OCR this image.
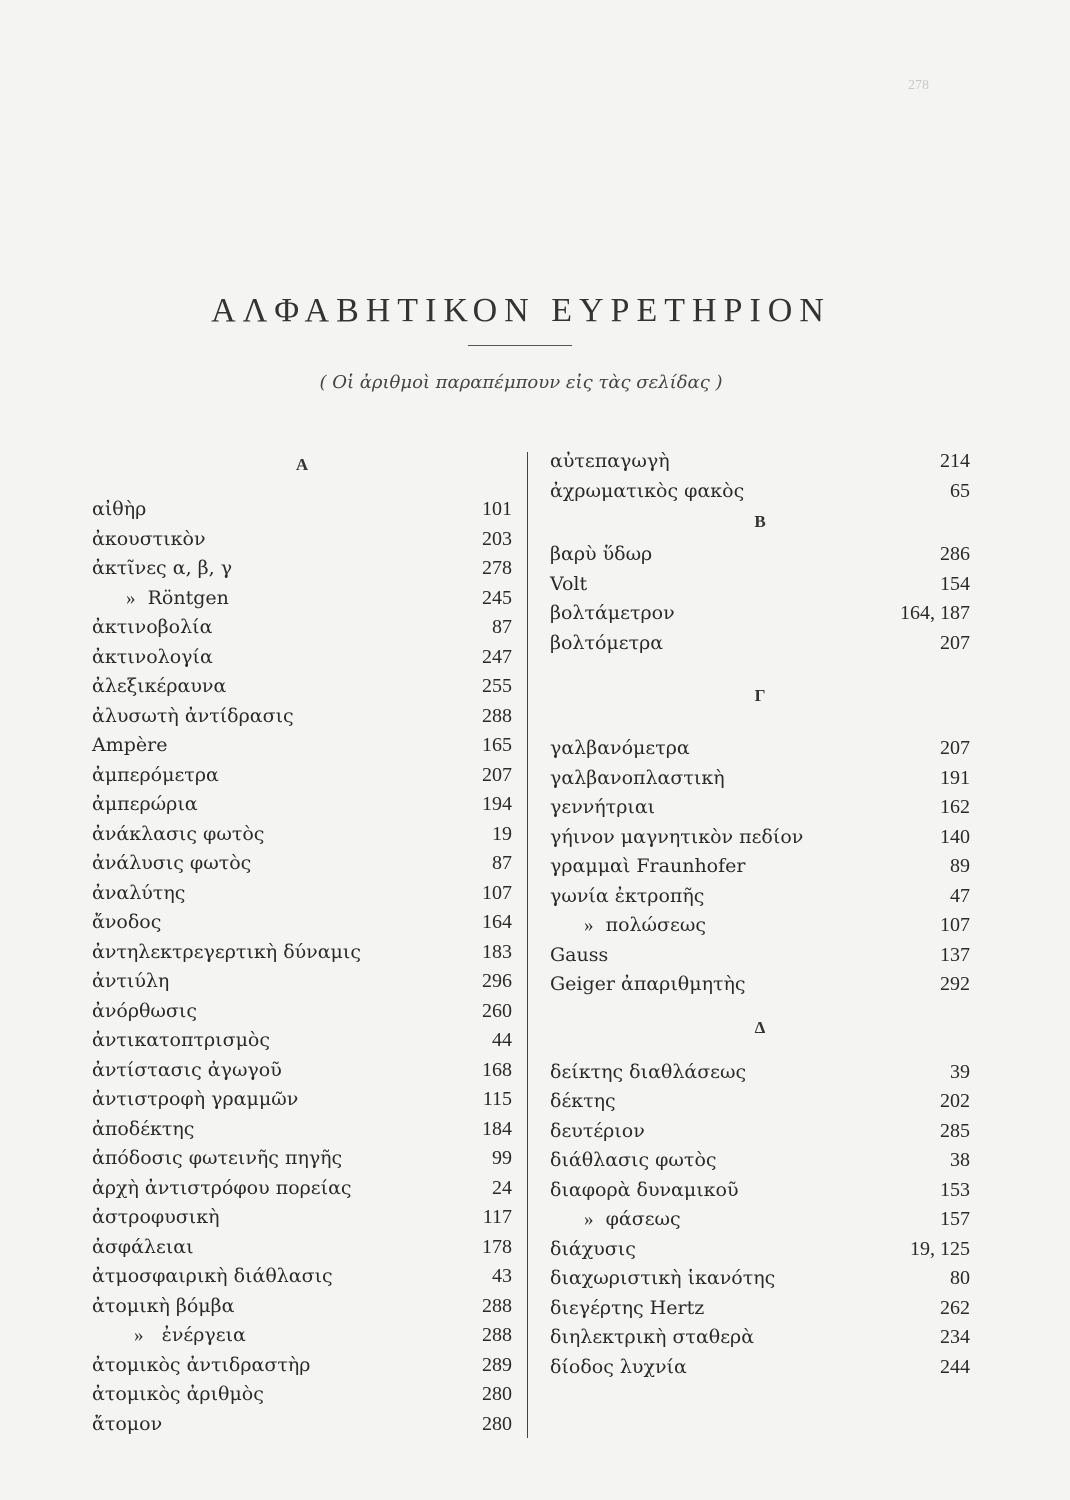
278
ΑΛΦΑΒΗΤΙΚΟΝ ΕΥΡΕΤΗΡΙΟΝ
( Οἱ ἀριθμοὶ παραπέμπουν εἰς τὰς σελίδας )
Α
αἰθὴρ	101
ἀκουστικὸν	203
ἀκτῖνες α, β, γ	278
» Röntgen	245
ἀκτινοβολία	87
ἀκτινολογία	247
ἀλεξικέραυνα	255
ἀλυσωτὴ ἀντίδρασις	288
Ampère	165
ἀμπερόμετρα	207
ἀμπερώρια	194
ἀνάκλασις φωτὸς	19
ἀνάλυσις φωτὸς	87
ἀναλύτης	107
ἄνοδος	164
ἀντηλεκτρεγερτικὴ δύναμις	183
ἀντιύλη	296
ἀνόρθωσις	260
ἀντικατοπτρισμὸς	44
ἀντίστασις ἀγωγοῦ	168
ἀντιστροφὴ γραμμῶν	115
ἀποδέκτης	184
ἀπόδοσις φωτεινῆς πηγῆς	99
ἀρχὴ ἀντιστρόφου πορείας	24
ἀστροφυσικὴ	117
ἀσφάλειαι	178
ἀτμοσφαιρικὴ διάθλασις	43
ἀτομικὴ βόμβα	288
» ἐνέργεια	288
ἀτομικὸς ἀντιδραστὴρ	289
ἀτομικὸς ἀριθμὸς	280
ἄτομον	280
αὐτεπαγωγὴ	214
ἀχρωματικὸς φακὸς	65
Β
βαρὺ ὕδωρ	286
Volt	154
βολτάμετρον	164, 187
βολτόμετρα	207
Γ
γαλβανόμετρα	207
γαλβανοπλαστικὴ	191
γεννήτριαι	162
γήινον μαγνητικὸν πεδίον	140
γραμμαὶ Fraunhofer	89
γωνία ἐκτροπῆς	47
» πολώσεως	107
Gauss	137
Geiger ἀπαριθμητὴς	292
Δ
δείκτης διαθλάσεως	39
δέκτης	202
δευτέριον	285
διάθλασις φωτὸς	38
διαφορὰ δυναμικοῦ	153
» φάσεως	157
διάχυσις	19, 125
διαχωριστικὴ ἱκανότης	80
διεγέρτης Hertz	262
διηλεκτρικὴ σταθερὰ	234
δίοδος λυχνία	244
